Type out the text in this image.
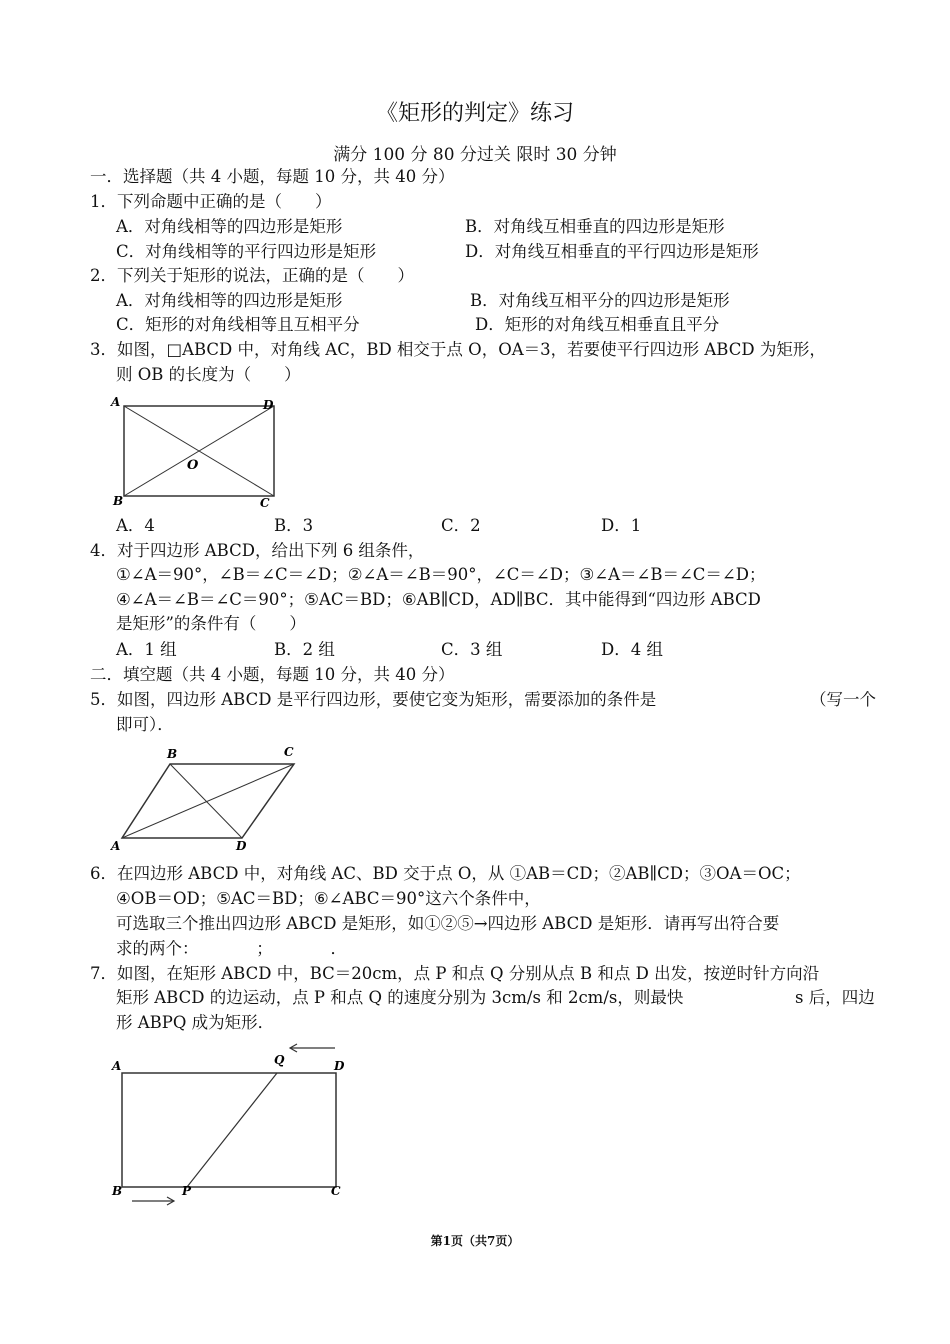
《矩形的判定》练习
满分 100 分 80 分过关 限时 30 分钟
一．选择题（共 4 小题，每题 10 分，共 40 分）
1．下列命题中正确的是（　　）
A．对角线相等的四边形是矩形	B．对角线互相垂直的四边形是矩形
C．对角线相等的平行四边形是矩形	D．对角线互相垂直的平行四边形是矩形
2．下列关于矩形的说法，正确的是（　　）
A．对角线相等的四边形是矩形	B．对角线互相平分的四边形是矩形
C．矩形的对角线相等且互相平分	D．矩形的对角线互相垂直且平分
3．如图，□ABCD 中，对角线 AC，BD 相交于点 O，OA＝3，若要使平行四边形 ABCD 为矩形，
则 OB 的长度为（　　）
A	D
B	C
O
A．4	B．3	C．2	D．1
4．对于四边形 ABCD，给出下列 6 组条件，
①∠A＝90°，∠B＝∠C＝∠D；②∠A＝∠B＝90°，∠C＝∠D；③∠A＝∠B＝∠C＝∠D；
④∠A＝∠B＝∠C＝90°；⑤AC＝BD；⑥AB∥CD，AD∥BC．其中能得到“四边形 ABCD
是矩形”的条件有（　　）
A．1 组	B．2 组	C．3 组	D．4 组
二．填空题（共 4 小题，每题 10 分，共 40 分）
5．如图，四边形 ABCD 是平行四边形，要使它变为矩形，需要添加的条件是	（写一个
即可）．
A
B	C
D
6．在四边形 ABCD 中，对角线 AC、BD 交于点 O，从 ①AB＝CD；②AB∥CD；③OA＝OC；
④OB＝OD；⑤AC＝BD；⑥∠ABC＝90°这六个条件中，
可选取三个推出四边形 ABCD 是矩形，如①②⑤→四边形 ABCD 是矩形．请再写出符合要
求的两个：　　　　；　　　　．
7．如图，在矩形 ABCD 中，BC＝20cm，点 P 和点 Q 分别从点 B 和点 D 出发，按逆时针方向沿
矩形 ABCD 的边运动，点 P 和点 Q 的速度分别为 3cm/s 和 2cm/s，则最快	s 后，四边
形 ABPQ 成为矩形．
A	D
B	C
P
Q
第1页（共7页）
